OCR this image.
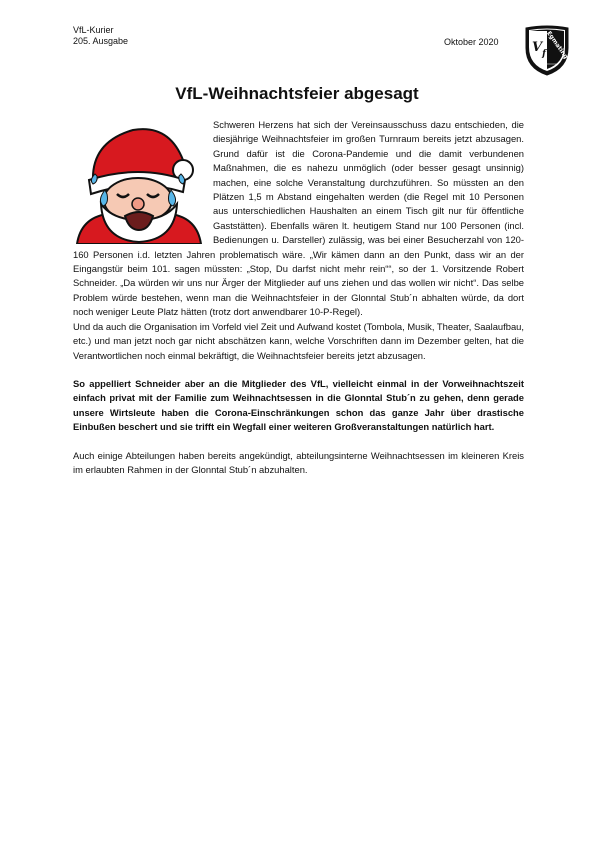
VfL-Kurier
205. Ausgabe	Oktober 2020	V f Egmating
VfL-Weihnachtsfeier abgesagt

Schweren Herzens hat sich der Vereinsausschuss dazu entschieden, die diesjährige Weihnachtsfeier im großen Turnraum bereits jetzt abzusagen. Grund dafür ist die Corona-Pandemie und die damit verbundenen Maßnahmen, die es nahezu unmöglich (oder besser gesagt unsinnig) machen, eine solche Veranstaltung durchzuführen. So müssten an den Plätzen 1,5 m Abstand eingehalten werden (die Regel mit 10 Personen aus unterschiedlichen Haushalten an einem Tisch gilt nur für öffentliche Gaststätten). Ebenfalls wären lt. heutigem Stand nur 100 Personen (incl. Bedienungen u. Darsteller) zulässig, was bei einer Besucherzahl von 120-160 Personen i.d. letzten Jahren problematisch wäre. „Wir kämen dann an den Punkt, dass wir an der Eingangstür beim 101. sagen müssten: „Stop, Du darfst nicht mehr rein““, so der 1. Vorsitzende Robert Schneider. „Da würden wir uns nur Ärger der Mitglieder auf uns ziehen und das wollen wir nicht“. Das selbe Problem würde bestehen, wenn man die Weihnachtsfeier in der Glonntal Stub´n abhalten würde, da dort noch weniger Leute Platz hätten (trotz dort anwendbarer 10-P-Regel).

Und da auch die Organisation im Vorfeld viel Zeit und Aufwand kostet (Tombola, Musik, Theater, Saalaufbau, etc.) und man jetzt noch gar nicht abschätzen kann, welche Vorschriften dann im Dezember gelten, hat die Verantwortlichen noch einmal bekräftigt, die Weihnachtsfeier bereits jetzt abzusagen.

So appelliert Schneider aber an die Mitglieder des VfL, vielleicht einmal in der Vorweihnachtszeit einfach privat mit der Familie zum Weihnachtsessen in die Glonntal Stub´n zu gehen, denn gerade unsere Wirtsleute haben die Corona-Einschränkungen schon das ganze Jahr über drastische Einbußen beschert und sie trifft ein Wegfall einer weiteren Großveranstaltungen natürlich hart.

Auch einige Abteilungen haben bereits angekündigt, abteilungsinterne Weihnachtsessen im kleineren Kreis im erlaubten Rahmen in der Glonntal Stub´n abzuhalten.
